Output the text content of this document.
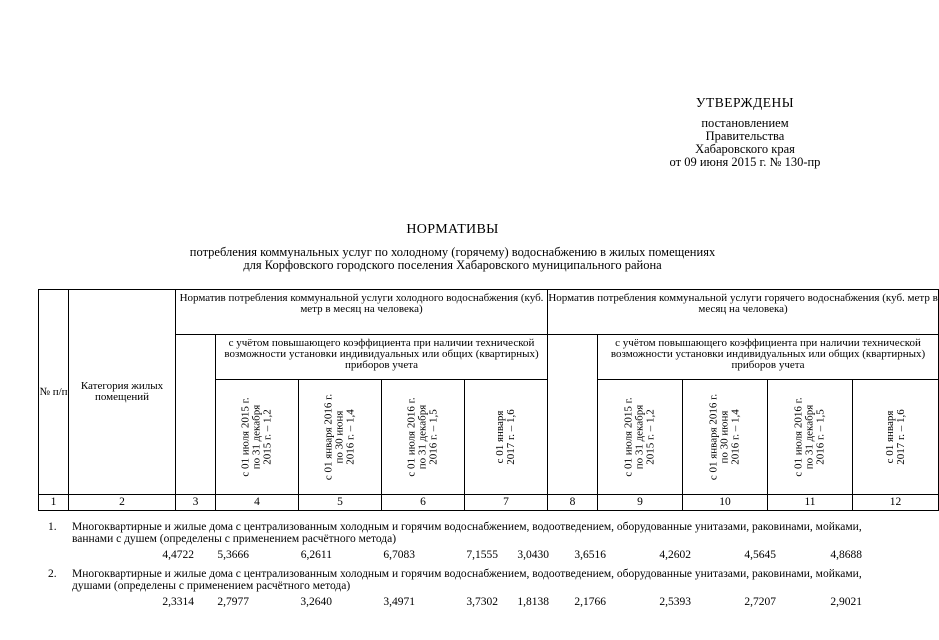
УТВЕРЖДЕНЫ
постановлением
Правительства
Хабаровского края
от 09 июня 2015 г. № 130-пр
НОРМАТИВЫ
потребления коммунальных услуг по холодному (горячему) водоснабжению в жилых помещениях
для Корфовского городского поселения Хабаровского муниципального района
№ п/п	Категория жилых помещений	Норматив потребления коммунальной услуги холодного водоснабжения (куб. метр в месяц на человека)					Норматив потребления коммунальной услуги горячего водоснабжения (куб. метр в месяц на человека)				
			с учётом повышающего коэффициента при наличии технической возможности установки индивидуальных или общих (квартирных) приборов учета					с учётом повышающего коэффициента при наличии технической возможности установки индивидуальных или общих (квартирных) приборов учета			

			с 01 июля 2015 г.
по 31 декабря
2015 г. – 1,2	с 01 января 2016 г.
по 30 июня
2016 г. – 1,4	с 01 июля 2016 г.
по 31 декабря
2016 г. – 1,5	с 01 января
2017 г. – 1,6		с 01 июля 2015 г.
по 31 декабря
2015 г. – 1,2	с 01 января 2016 г.
по 30 июня
2016 г. – 1,4	с 01 июля 2016 г.
по 31 декабря
2016 г. – 1,5	с 01 января
2017 г. – 1,6

1	2	3	4	5	6	7	8	9	10	11	12
1.	Многоквартирные и жилые дома с централизованным холодным и горячим водоснабжением, водоотведением, оборудованные унитазами, раковинами, мойками, ваннами с душем (определены с применением расчётного метода)
4,4722	5,3666	6,2611	6,7083	7,1555	3,0430	3,6516	4,2602	4,5645	4,8688
2.	Многоквартирные и жилые дома с централизованным холодным и горячим водоснабжением, водоотведением, оборудованные унитазами, раковинами, мойками, душами (определены с применением расчётного метода)
2,3314	2,7977	3,2640	3,4971	3,7302	1,8138	2,1766	2,5393	2,7207	2,9021
